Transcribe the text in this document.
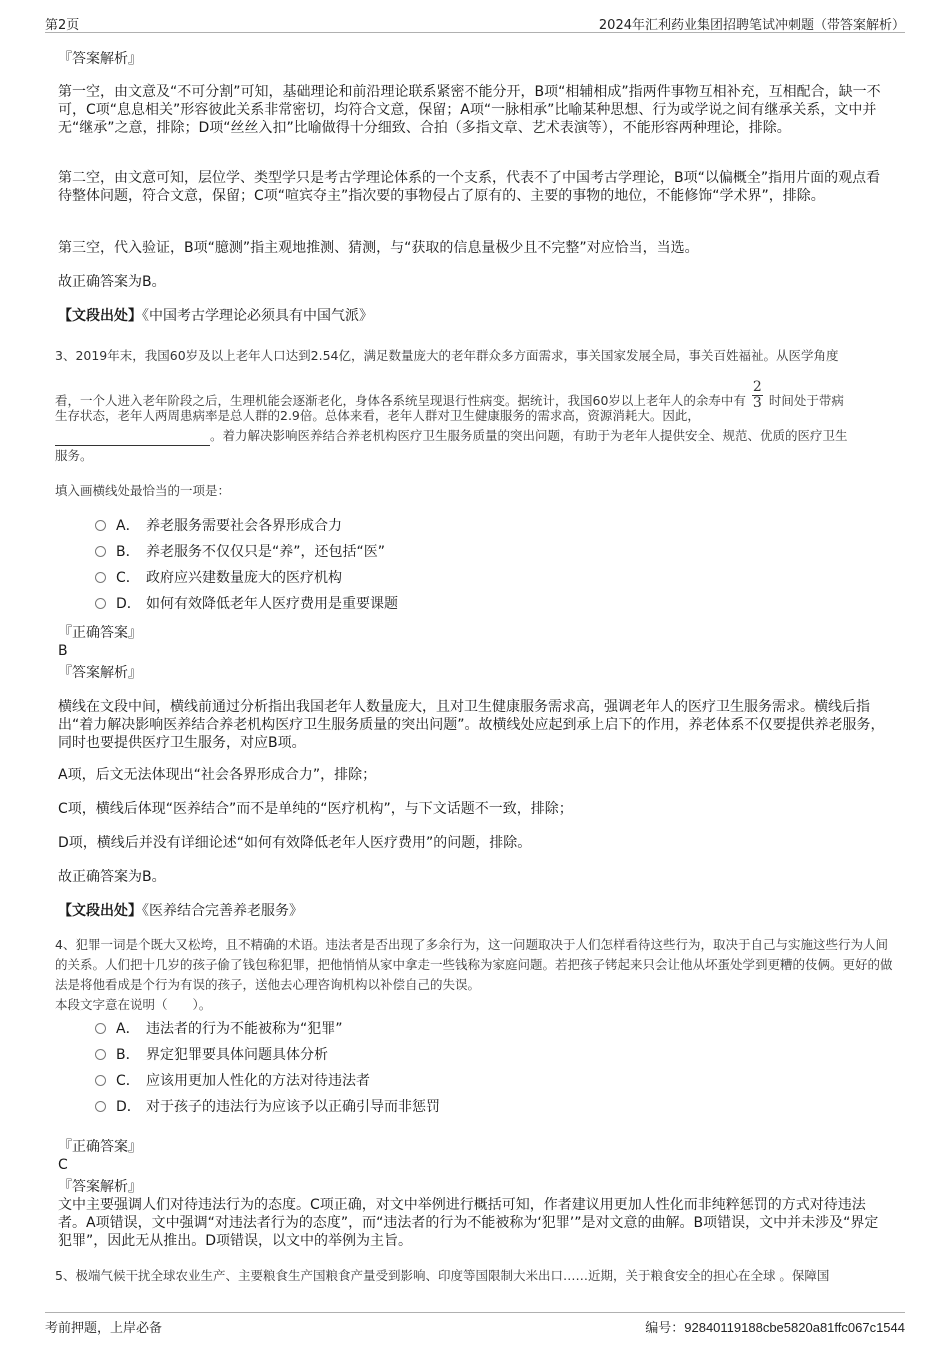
第2页	2024年汇利药业集团招聘笔试冲刺题（带答案解析）
『答案解析』
第一空，由文意及“不可分割”可知，基础理论和前沿理论联系紧密不能分开，B项“相辅相成”指两件事物互相补充，互相配合，缺一不可，C项“息息相关”形容彼此关系非常密切，均符合文意，保留；A项“一脉相承”比喻某种思想、行为或学说之间有继承关系，文中并无“继承”之意，排除；D项“丝丝入扣”比喻做得十分细致、合拍（多指文章、艺术表演等），不能形容两种理论，排除。
第二空，由文意可知，层位学、类型学只是考古学理论体系的一个支系，代表不了中国考古学理论，B项“以偏概全”指用片面的观点看待整体问题，符合文意，保留；C项“喧宾夺主”指次要的事物侵占了原有的、主要的事物的地位，不能修饰“学术界”，排除。
第三空，代入验证，B项“臆测”指主观地推测、猜测，与“获取的信息量极少且不完整”对应恰当，当选。
故正确答案为B。
【文段出处】《中国考古学理论必须具有中国气派》
3、2019年末，我国60岁及以上老年人口达到2.54亿，满足数量庞大的老年群众多方面需求，事关国家发展全局，事关百姓福祉。从医学角度
看，一个人进入老年阶段之后，生理机能会逐渐老化，身体各系统呈现退行性病变。据统计，我国60岁以上老年人的余寿中有 $\frac{2}{3}$ 时间处于带病
生存状态，老年人两周患病率是总人群的2.9倍。总体来看，老年人群对卫生健康服务的需求高，资源消耗大。因此，
。着力解决影响医养结合养老机构医疗卫生服务质量的突出问题，有助于为老年人提供安全、规范、优质的医疗卫生
服务。
填入画横线处最恰当的一项是：
A． 养老服务需要社会各界形成合力
B． 养老服务不仅仅只是“养”，还包括“医”
C． 政府应兴建数量庞大的医疗机构
D． 如何有效降低老年人医疗费用是重要课题
『正确答案』
B
『答案解析』
横线在文段中间，横线前通过分析指出我国老年人数量庞大，且对卫生健康服务需求高，强调老年人的医疗卫生服务需求。横线后指出“着力解决影响医养结合养老机构医疗卫生服务质量的突出问题”。故横线处应起到承上启下的作用，养老体系不仅要提供养老服务，同时也要提供医疗卫生服务，对应B项。
A项，后文无法体现出“社会各界形成合力”，排除；
C项，横线后体现“医养结合”而不是单纯的“医疗机构”，与下文话题不一致，排除；
D项，横线后并没有详细论述“如何有效降低老年人医疗费用”的问题，排除。
故正确答案为B。
【文段出处】《医养结合完善养老服务》
4、犯罪一词是个既大又松垮，且不精确的术语。违法者是否出现了多余行为，这一问题取决于人们怎样看待这些行为，取决于自己与实施这些行为人间的关系。人们把十几岁的孩子偷了钱包称犯罪，把他悄悄从家中拿走一些钱称为家庭问题。若把孩子铐起来只会让他从坏蛋处学到更糟的伎俩。更好的做法是将他看成是个行为有误的孩子，送他去心理咨询机构以补偿自己的失误。
本段文字意在说明（　　）。
A． 违法者的行为不能被称为“犯罪”
B． 界定犯罪要具体问题具体分析
C． 应该用更加人性化的方法对待违法者
D． 对于孩子的违法行为应该予以正确引导而非惩罚
『正确答案』
C
『答案解析』
文中主要强调人们对待违法行为的态度。C项正确，对文中举例进行概括可知，作者建议用更加人性化而非纯粹惩罚的方式对待违法者。A项错误，文中强调“对违法者行为的态度”，而“违法者的行为不能被称为‘犯罪’”是对文意的曲解。B项错误，文中并未涉及“界定犯罪”，因此无从推出。D项错误，以文中的举例为主旨。
5、极端气候干扰全球农业生产、主要粮食生产国粮食产量受到影响、印度等国限制大米出口……近期，关于粮食安全的担心在全球 。保障国
考前押题，上岸必备	编号：92840119188cbe5820a81ffc067c1544
